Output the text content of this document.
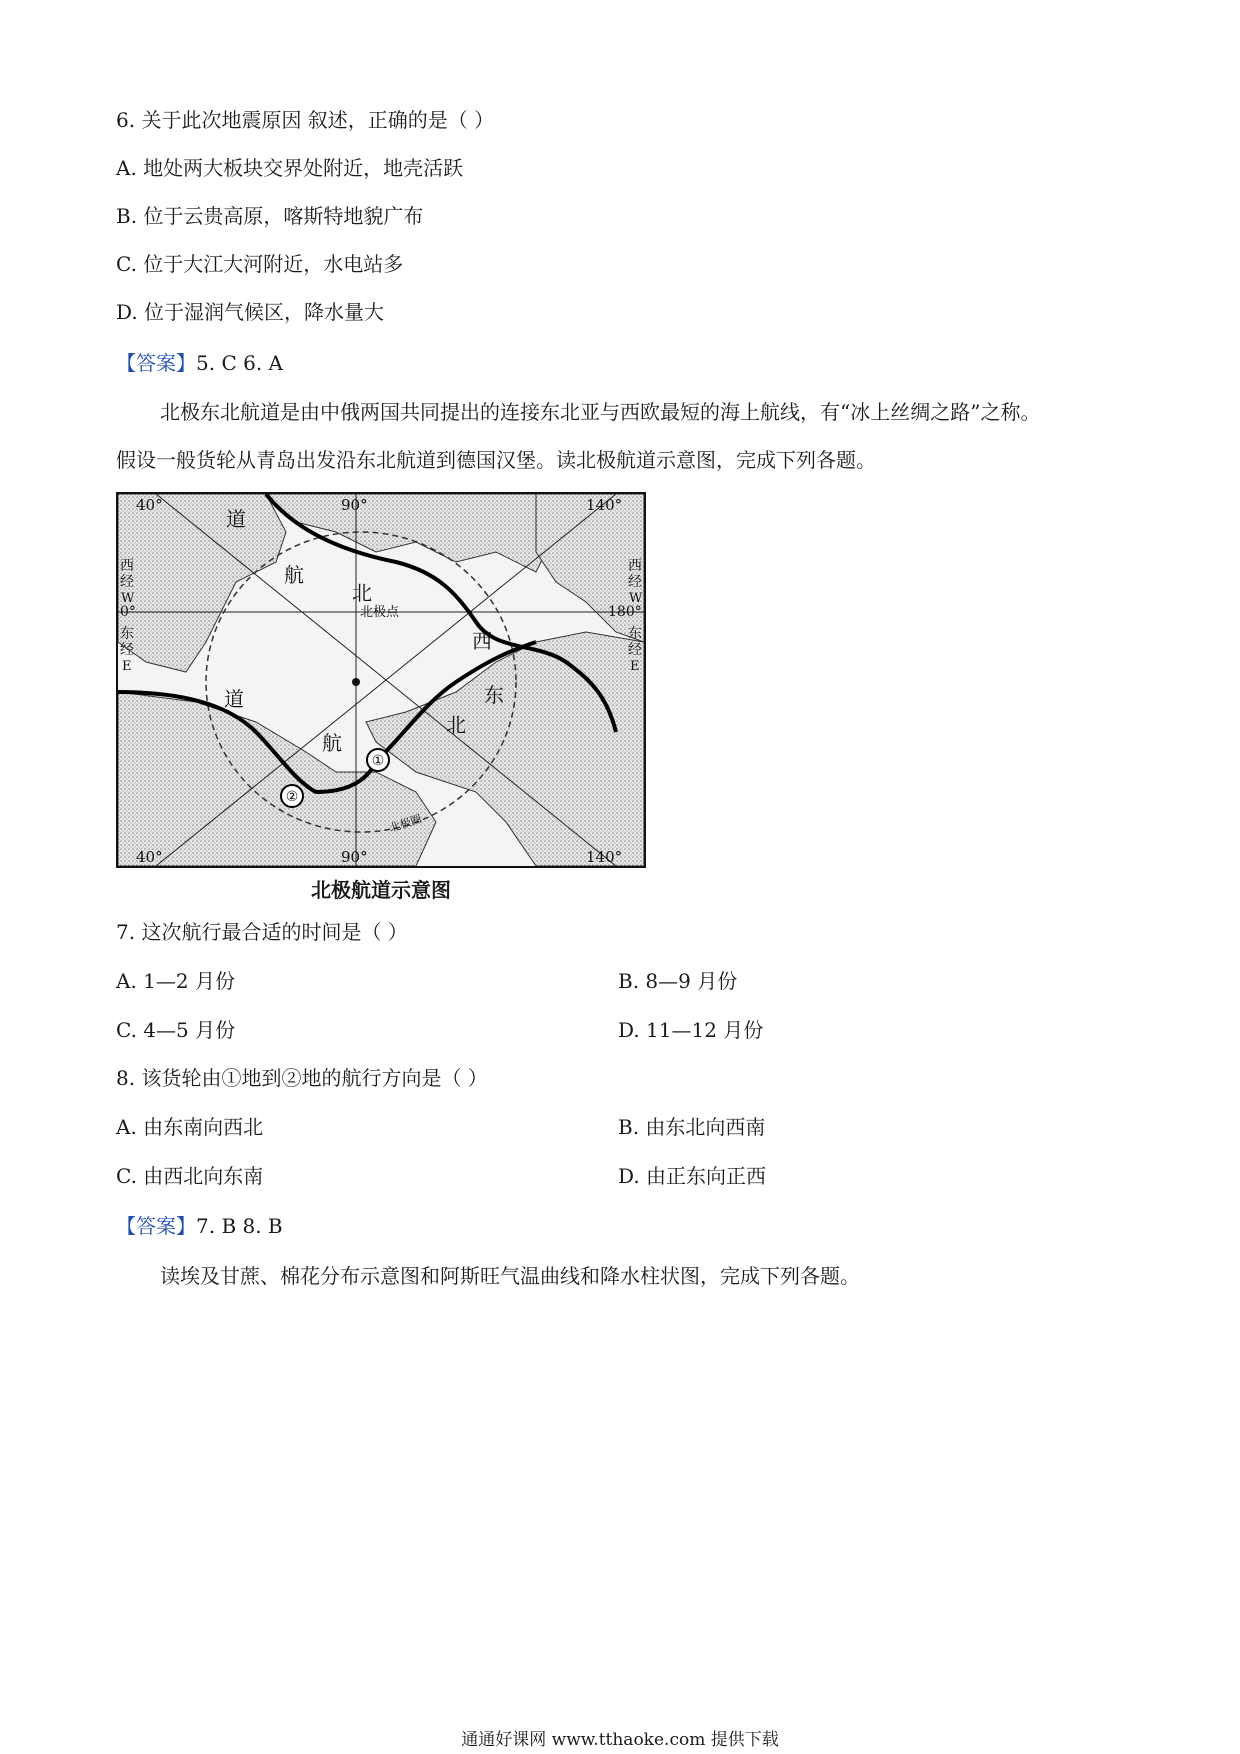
6. 关于此次地震原因 叙述，正确的是（ ）
A. 地处两大板块交界处附近，地壳活跃
B. 位于云贵高原，喀斯特地貌广布
C. 位于大江大河附近，水电站多
D. 位于湿润气候区，降水量大
【答案】5. C 6. A
北极东北航道是由中俄两国共同提出的连接东北亚与西欧最短的海上航线，有“冰上丝绸之路”之称。
假设一般货轮从青岛出发沿东北航道到德国汉堡。读北极航道示意图，完成下列各题。
40°	90°	140°
40°	90°	140°
0°	180°
西
经
W
东
经
E
西
经
W
东
经
E
北极点
北极圈
道
航
北
西
东
北
航
道
①
②
北极航道示意图
7. 这次航行最合适的时间是（ ）
A. 1—2 月份	B. 8—9 月份
C. 4—5 月份	D. 11—12 月份
8. 该货轮由①地到②地的航行方向是（ ）
A. 由东南向西北	B. 由东北向西南
C. 由西北向东南	D. 由正东向正西
【答案】7. B 8. B
读埃及甘蔗、棉花分布示意图和阿斯旺气温曲线和降水柱状图，完成下列各题。
通通好课网 www.tthaoke.com 提供下载
